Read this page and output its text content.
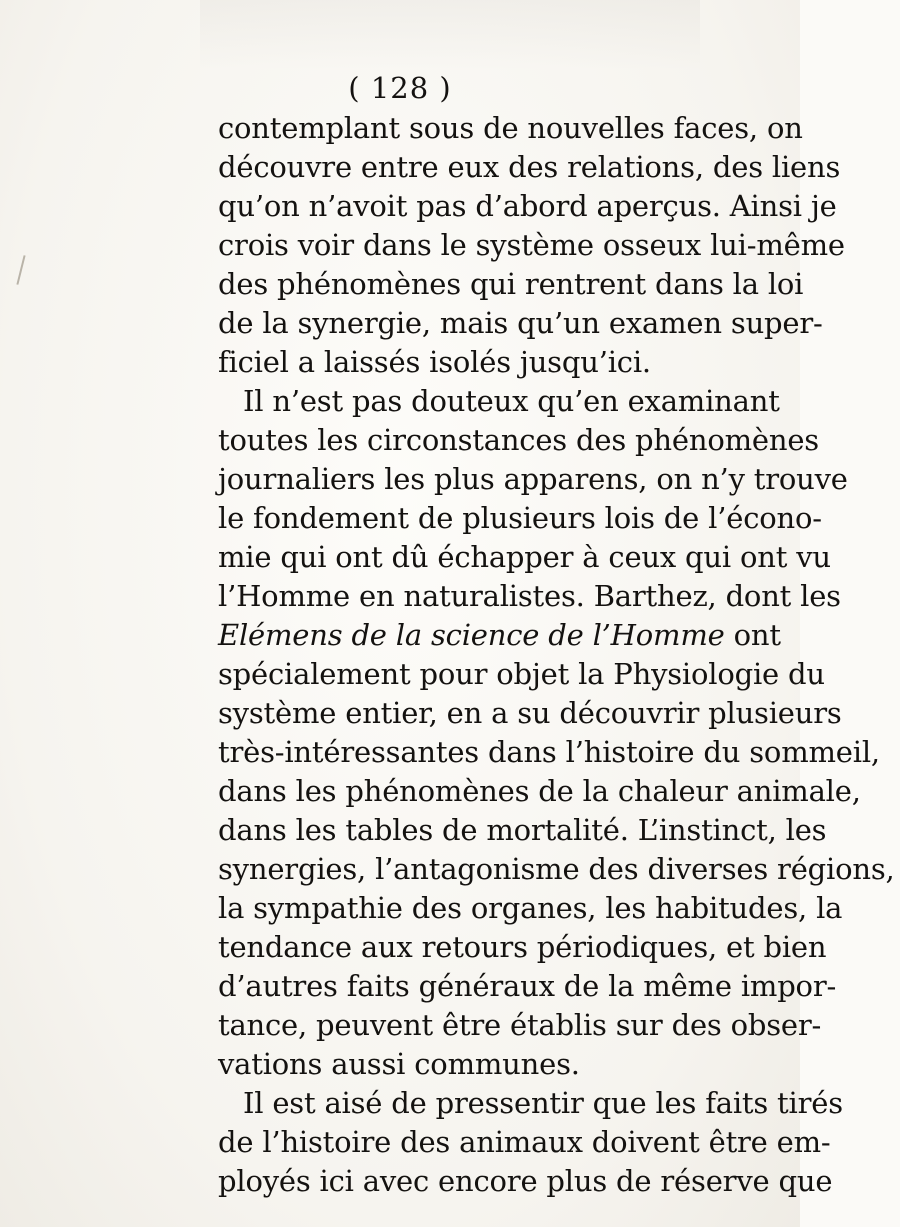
( 128 )
contemplant sous de nouvelles faces, on
découvre entre eux des relations, des liens
qu’on n’avoit pas d’abord aperçus. Ainsi je
crois voir dans le système osseux lui-même
des phénomènes qui rentrent dans la loi
de la synergie, mais qu’un examen super-
ficiel a laissés isolés jusqu’ici.
Il n’est pas douteux qu’en examinant
toutes les circonstances des phénomènes
journaliers les plus apparens, on n’y trouve
le fondement de plusieurs lois de l’écono-
mie qui ont dû échapper à ceux qui ont vu
l’Homme en naturalistes. Barthez, dont les
Elémens de la science de l’Homme ont
spécialement pour objet la Physiologie du
système entier, en a su découvrir plusieurs
très-intéressantes dans l’histoire du sommeil,
dans les phénomènes de la chaleur animale,
dans les tables de mortalité. L’instinct, les
synergies, l’antagonisme des diverses régions,
la sympathie des organes, les habitudes, la
tendance aux retours périodiques, et bien
d’autres faits généraux de la même impor-
tance, peuvent être établis sur des obser-
vations aussi communes.
Il est aisé de pressentir que les faits tirés
de l’histoire des animaux doivent être em-
ployés ici avec encore plus de réserve que
